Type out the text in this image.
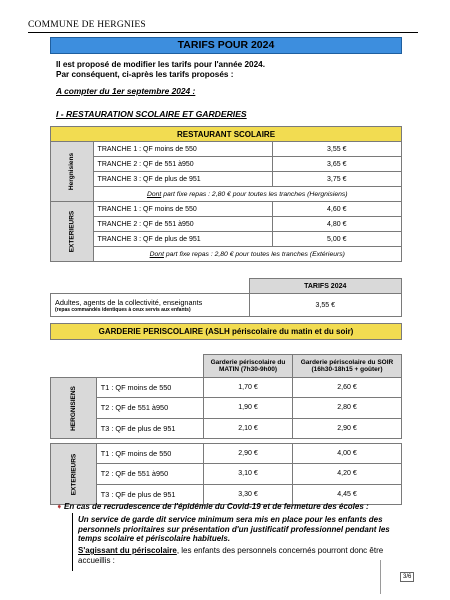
COMMUNE DE HERGNIES
TARIFS POUR 2024
Il est proposé de modifier les tarifs pour l'année 2024.
Par conséquent, ci-après les tarifs proposés :
A compter du 1er septembre 2024 :
I - RESTAURATION SCOLAIRE ET GARDERIES
RESTAURANT SCOLAIRE		
Hergnisiens	TRANCHE 1 : QF moins de 550	3,55 €
	TRANCHE 2 : QF de 551 à950	3,65 €
	TRANCHE 3 : QF de plus de 951	3,75 €
	Dont part fixe repas : 2,80 € pour toutes les tranches (Hergnisiens)	
EXTERIEURS	TRANCHE 1 : QF moins de 550	4,60 €
	TRANCHE 2 : QF de 551 à950	4,80 €
	TRANCHE 3 : QF de plus de 951	5,00 €
	Dont part fixe repas : 2,80 € pour toutes les tranches (Extérieurs)	
	TARIFS 2024

Adultes, agents de la collectivité, enseignants
(repas commandés identiques à ceux servis aux enfants)	3,55 €
GARDERIE PERISCOLAIRE (ASLH périscolaire du matin et du soir)			

		Garderie périscolaire du MATIN (7h30-9h00)	Garderie périscolaire du SOIR (16h30-18h15 + goûter)
HERGNISIENS	T1 : QF moins de 550	1,70 €	2,60 €
	T2 : QF de 551 à950	1,90 €	2,80 €
	T3 : QF de plus de 951	2,10 €	2,90 €

EXTERIEURS	T1 : QF moins de 550	2,90 €	4,00 €
	T2 : QF de 551 à950	3,10 €	4,20 €
	T3 : QF de plus de 951	3,30 €	4,45 €
➧ En cas de recrudescence de l'épidémie du Covid-19 et de fermeture des écoles :
Un service de garde dit service minimum sera mis en place pour les enfants des personnels prioritaires sur présentation d'un justificatif professionnel pendant les temps scolaire et périscolaire habituels.
S'agissant du périscolaire, les enfants des personnels concernés pourront donc être accueillis :
3/6
